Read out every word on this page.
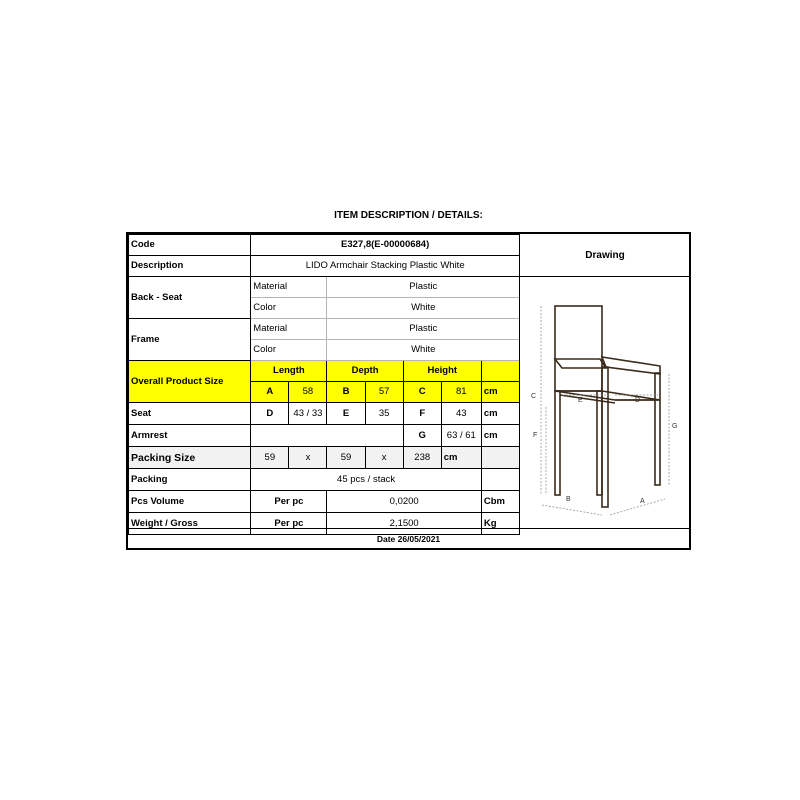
ITEM DESCRIPTION / DETAILS:
Code	E327,8(E-00000684)						
Description	LIDO Armchair Stacking Plastic White						
Back - Seat	Material		Plastic				
	Color		White				
Frame	Material		Plastic				
	Color		White				
Overall Product Size	Length		Depth		Height		
	A	58	B	57	C	81	cm
Seat	D	43 / 33	E	35	F	43	cm
Armrest					G	63 / 61	cm
Packing Size	59	x	59	x	238	cm	
Packing	45 pcs / stack						
Pcs Volume	Per pc		0,0200				Cbm
Weight / Gross	Per pc		2,1500				Kg
Drawing
C
F
G
E	D
B	A
Date 26/05/2021
